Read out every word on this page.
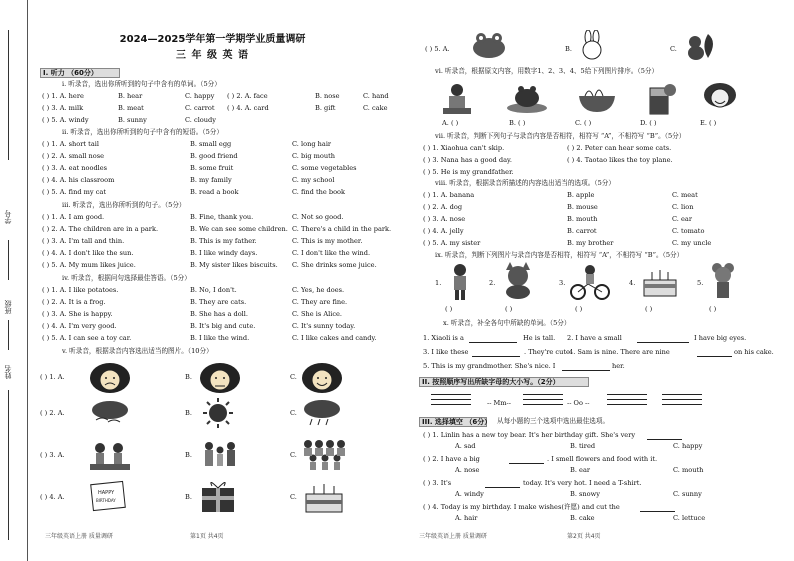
学号
班级
姓名
2024—2025学年第一学期学业质量调研
三 年 级 英 语
I. 听力 （60分）
i. 听录音，选出你所听到的句子中含有的单词。（5分）
( ) 1. A. here	B. hear	C. happy ( ) 2. A. face	B. nose	C. hand
( ) 3. A. milk	B. meat	C. carrot ( ) 4. A. card	B. gift	C. cake
( ) 5. A. windy	B. sunny	C. cloudy
ii. 听录音，选出你所听到的句子中含有的短语。（5分）
( ) 1. A. short tail	B. small egg	C. long hair
( ) 2. A. small nose	B. good friend	C. big mouth
( ) 3. A. eat noodles	B. some fruit	C. some vegetables
( ) 4. A. his classroom	B. my family	C. my school
( ) 5. A. find my cat	B. read a book	C. find the book
iii. 听录音，选出你所听到的句子。（5分）
( ) 1. A. I am good.	B. Fine, thank you.	C. Not so good.
( ) 2. A. The children are in a park.	B. We can see some children. C. There's a child in the park.
( ) 3. A. I'm tall and thin.	B. This is my father.	C. This is my mother.
( ) 4. A. I don't like the sun.	B. I like windy days.	C. I don't like the wind.
( ) 5. A. My mum likes juice.	B. My sister likes biscuits. C. She drinks some juice.
iv. 听录音，根据问句选择最佳答语。（5分）
( ) 1. A. I like potatoes.	B. No, I don't.	C. Yes, he does.
( ) 2. A. It is a frog.	B. They are cats.	C. They are fine.
( ) 3. A. She is happy.	B. She has a doll.	C. She is Alice.
( ) 4. A. I'm very good.	B. It's big and cute.	C. It's sunny today.
( ) 5. A. I can see a toy car.	B. I like the wind.	C. I like cakes and candy.
v. 听录音，根据录音内容选出适当的图片。（10分）
( ) 1. A.	B.	C.
( ) 2. A.	B.	C.
( ) 3. A.	B.	C.
( ) 4. A.	HAPPY
BIRTHDAY	B.	C.
三年级英语上册 质量调研	第1页 共4页
( ) 5. A.	B.	C.
vi. 听录音，根据原文内容，用数字1、2、3、4、5给下列图片排序。（5分）
A. ( )	B. ( )	C. ( )	D. ( )	E. ( )
vii. 听录音，判断下列句子与录音内容是否相符，相符写 “A”，不相符写 “B”。（5分）
( ) 1. Xiaohua can't skip.	( ) 2. Peter can hear some cats.
( ) 3. Nana has a good day.	( ) 4. Taotao likes the toy plane.
( ) 5. He is my grandfather.
viii. 听录音，根据录音所描述的内容选出适当的选项。（5分）
( ) 1. A. banana	B. apple	C. meat
( ) 2. A. dog	B. mouse	C. lion
( ) 3. A. nose	B. mouth	C. ear
( ) 4. A. jelly	B. carrot	C. tomato
( ) 5. A. my sister	B. my brother	C. my uncle
ix. 听录音，判断下列图片与录音内容是否相符，相符写 “A”，不相符写 “B”。（5分）
1.	2.	3.	4.	5.
( )	( )	( )	( )	( )
x. 听录音，补全各句中所缺的单词。（5分）
1. Xiaoli is a	He is tall. 2. I have a small	I have big eyes.
3. I like these	. They're cute.
4. Sam is nine. There are nine	on his cake.
5. This is my grandmother. She's nice. I	her.
II. 按照顺序写出所缺字母的大小写。（2分）
-- Mm--	-- Oo --
III. 选择填空 （6分） 从每小题的三个选项中选出最佳选项。
( ) 1. Linlin has a new toy bear. It's her birthday gift. She's very
A. sad	B. tired	C. happy
( ) 2. I have a big	. I smell flowers and food with it.
A. nose	B. ear	C. mouth
( ) 3. It's	today. It's very hot. I need a T-shirt.
A. windy	B. snowy	C. sunny
( ) 4. Today is my birthday. I make wishes(许愿) and cut the
A. hair	B. cake	C. lettuce
三年级英语上册 质量调研	第2页 共4页
